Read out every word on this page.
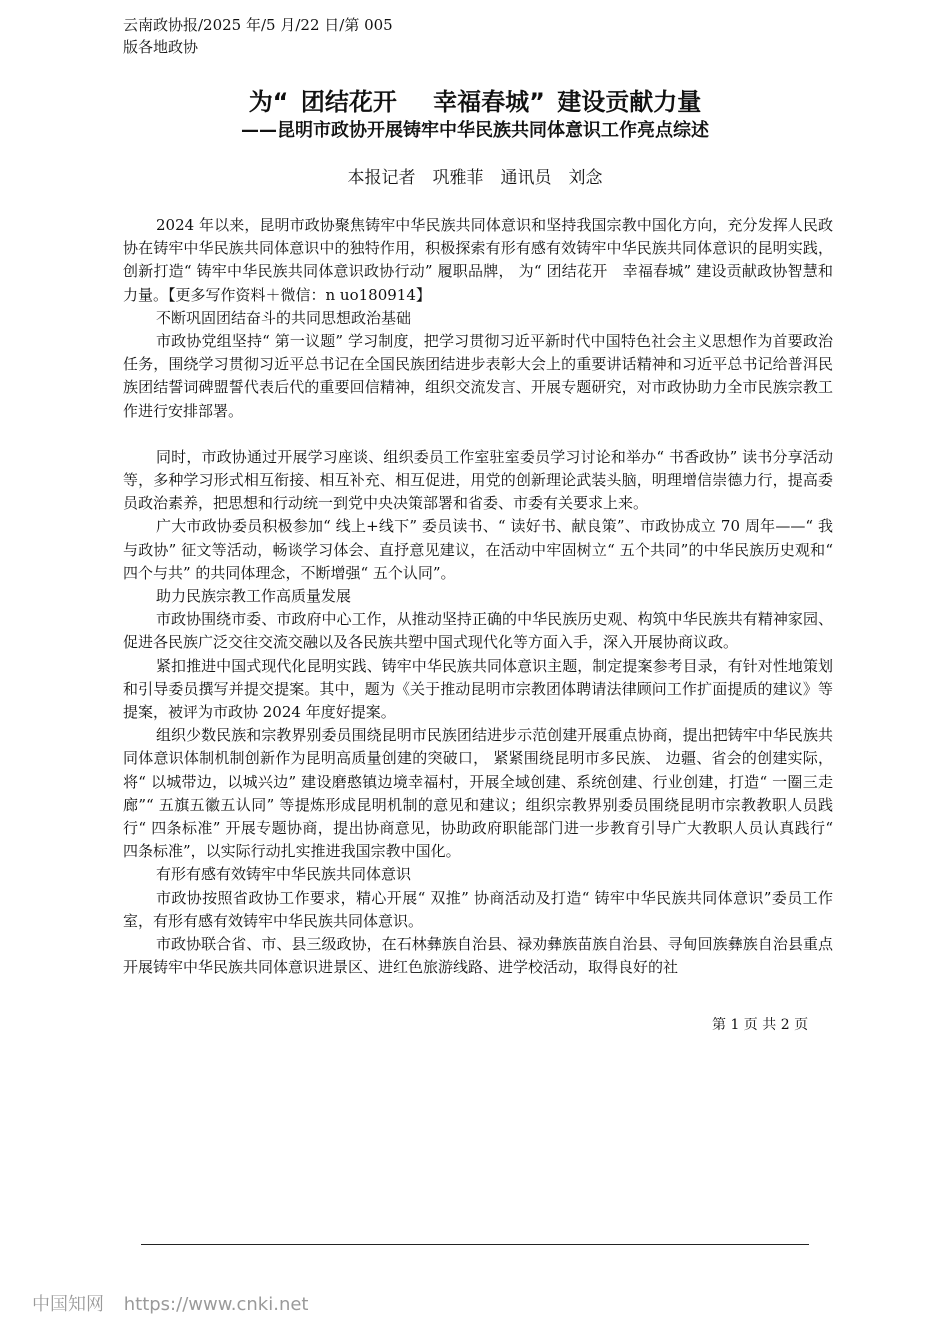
云南政协报/2025 年/5 月/22 日/第 005
版各地政协
为“ 团结花开　 幸福春城” 建设贡献力量
——昆明市政协开展铸牢中华民族共同体意识工作亮点综述
本报记者　巩雅菲　通讯员　刘念

2024 年以来，昆明市政协聚焦铸牢中华民族共同体意识和坚持我国宗教中国化方向，充分发挥人民政协在铸牢中华民族共同体意识中的独特作用，积极探索有形有感有效铸牢中华民族共同体意识的昆明实践， 创新打造“ 铸牢中华民族共同体意识政协行动” 履职品牌， 为“ 团结花开　幸福春城” 建设贡献政协智慧和力量。【更多写作资料＋微信：n uo180914】

不断巩固团结奋斗的共同思想政治基础

市政协党组坚持“ 第一议题” 学习制度，把学习贯彻习近平新时代中国特色社会主义思想作为首要政治任务，围绕学习贯彻习近平总书记在全国民族团结进步表彰大会上的重要讲话精神和习近平总书记给普洱民族团结誓词碑盟誓代表后代的重要回信精神，组织交流发言、开展专题研究，对市政协助力全市民族宗教工作进行安排部署。

同时，市政协通过开展学习座谈、组织委员工作室驻室委员学习讨论和举办“ 书香政协” 读书分享活动等，多种学习形式相互衔接、相互补充、相互促进，用党的创新理论武装头脑，明理增信崇德力行，提高委员政治素养，把思想和行动统一到党中央决策部署和省委、市委有关要求上来。

广大市政协委员积极参加“ 线上+线下” 委员读书、“ 读好书、献良策”、市政协成立 70 周年——“ 我与政协” 征文等活动，畅谈学习体会、直抒意见建议，在活动中牢固树立“ 五个共同”的中华民族历史观和“ 四个与共” 的共同体理念，不断增强“ 五个认同”。

助力民族宗教工作高质量发展

市政协围绕市委、市政府中心工作，从推动坚持正确的中华民族历史观、构筑中华民族共有精神家园、促进各民族广泛交往交流交融以及各民族共塑中国式现代化等方面入手，深入开展协商议政。

紧扣推进中国式现代化昆明实践、铸牢中华民族共同体意识主题，制定提案参考目录，有针对性地策划和引导委员撰写并提交提案。其中，题为《关于推动昆明市宗教团体聘请法律顾问工作扩面提质的建议》等提案，被评为市政协 2024 年度好提案。

组织少数民族和宗教界别委员围绕昆明市民族团结进步示范创建开展重点协商，提出把铸牢中华民族共同体意识体制机制创新作为昆明高质量创建的突破口， 紧紧围绕昆明市多民族、 边疆、省会的创建实际，将“ 以城带边，以城兴边” 建设磨憨镇边境幸福村，开展全域创建、系统创建、行业创建，打造“ 一圈三走廊”“ 五旗五徽五认同” 等提炼形成昆明机制的意见和建议；组织宗教界别委员围绕昆明市宗教教职人员践行“ 四条标准” 开展专题协商，提出协商意见，协助政府职能部门进一步教育引导广大教职人员认真践行“ 四条标准”，以实际行动扎实推进我国宗教中国化。

有形有感有效铸牢中华民族共同体意识

市政协按照省政协工作要求，精心开展“ 双推” 协商活动及打造“ 铸牢中华民族共同体意识”委员工作室，有形有感有效铸牢中华民族共同体意识。

市政协联合省、市、县三级政协，在石林彝族自治县、禄劝彝族苗族自治县、寻甸回族彝族自治县重点开展铸牢中华民族共同体意识进景区、进红色旅游线路、进学校活动，取得良好的社

第 1 页 共 2 页
中国知网 https://www.cnki.net
